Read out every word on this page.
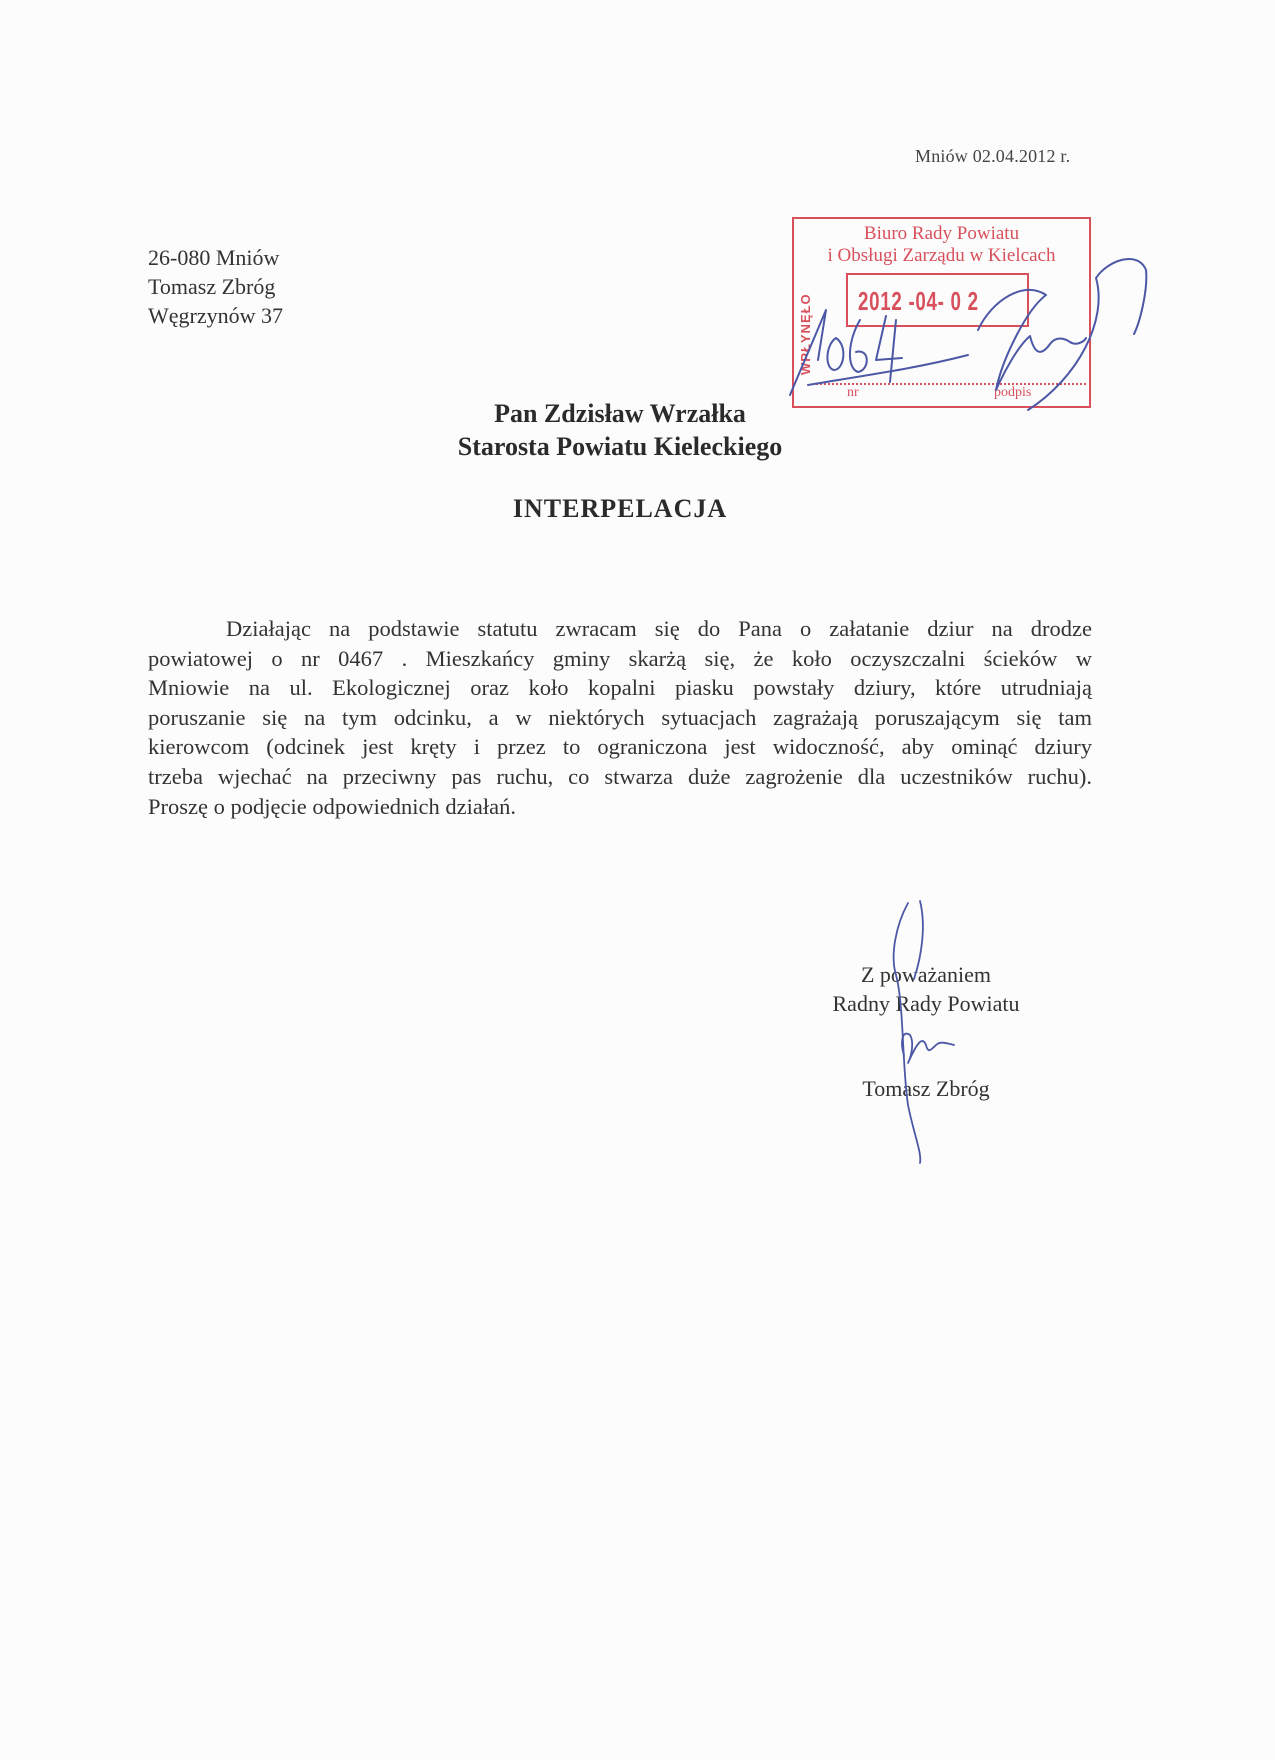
Mniów 02.04.2012 r.
26-080 Mniów
Tomasz Zbróg
Węgrzynów 37
Biuro Rady Powiatu
i Obsługi Zarządu w Kielcach
WPŁYNĘŁO 2012 -04- 0 2
nr	podpis
Pan Zdzisław Wrzałka
Starosta Powiatu Kieleckiego
INTERPELACJA
Działając na podstawie statutu zwracam się do Pana o załatanie dziur na drodze
powiatowej o nr 0467 . Mieszkańcy gminy skarżą się, że koło oczyszczalni ścieków w
Mniowie na ul. Ekologicznej oraz koło kopalni piasku powstały dziury, które utrudniają
poruszanie się na tym odcinku, a w niektórych sytuacjach zagrażają poruszającym się tam
kierowcom (odcinek jest kręty i przez to ograniczona jest widoczność, aby ominąć dziury
trzeba wjechać na przeciwny pas ruchu, co stwarza duże zagrożenie dla uczestników ruchu).
Proszę o podjęcie odpowiednich działań.
Z poważaniem
Radny Rady Powiatu
Tomasz Zbróg
